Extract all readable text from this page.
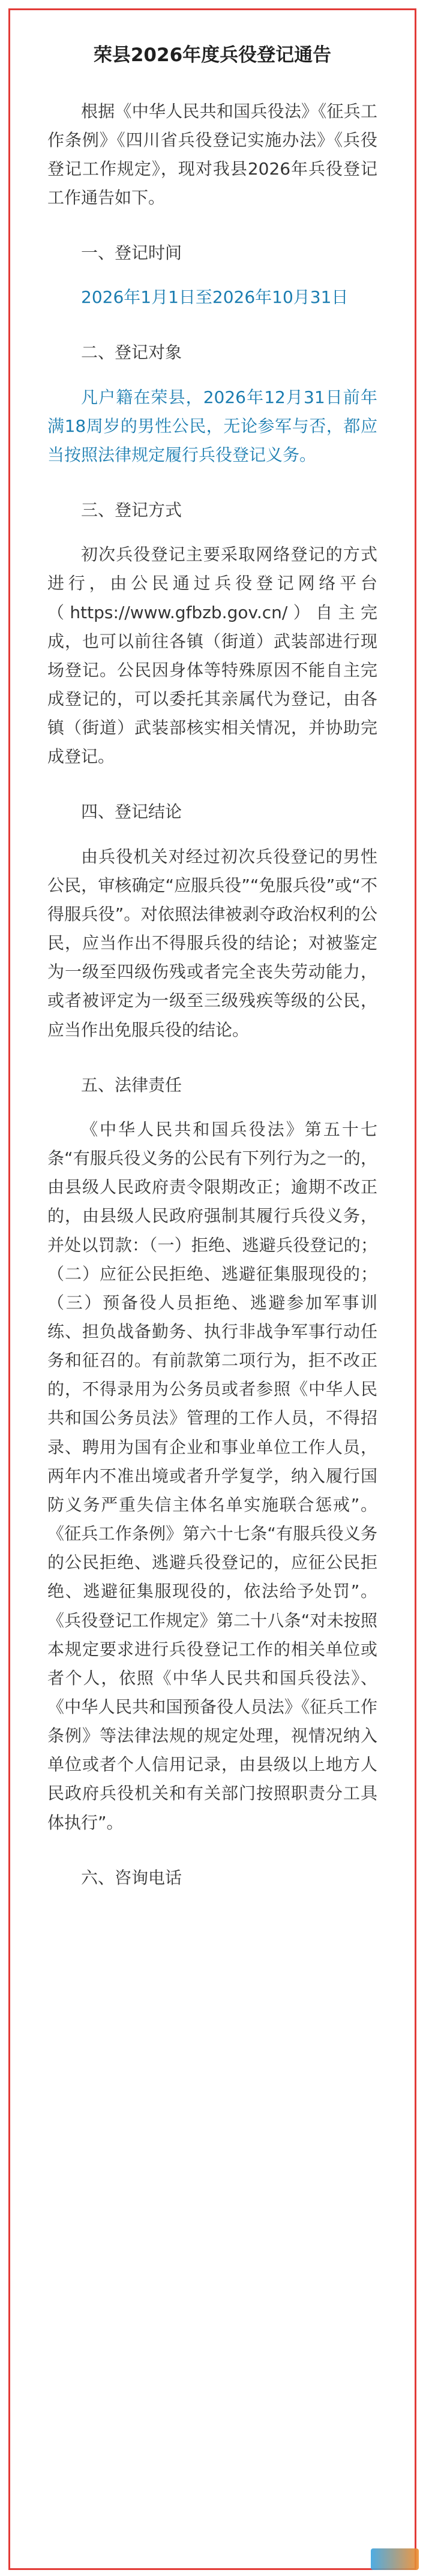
荣县2026年度兵役登记通告

根据《中华人民共和国兵役法》《征兵工作条例》《四川省兵役登记实施办法》《兵役登记工作规定》，现对我县2026年兵役登记工作通告如下。

一、登记时间

2026年1月1日至2026年10月31日

二、登记对象

凡户籍在荣县，2026年12月31日前年满18周岁的男性公民，无论参军与否，都应当按照法律规定履行兵役登记义务。

三、登记方式

初次兵役登记主要采取网络登记的方式进行，由公民通过兵役登记网络平台（https://www.gfbzb.gov.cn/）自主完成，也可以前往各镇（街道）武装部进行现场登记。公民因身体等特殊原因不能自主完成登记的，可以委托其亲属代为登记，由各镇（街道）武装部核实相关情况，并协助完成登记。

四、登记结论

由兵役机关对经过初次兵役登记的男性公民，审核确定“应服兵役”“免服兵役”或“不得服兵役”。对依照法律被剥夺政治权利的公民，应当作出不得服兵役的结论；对被鉴定为一级至四级伤残或者完全丧失劳动能力，或者被评定为一级至三级残疾等级的公民，应当作出免服兵役的结论。

五、法律责任

《中华人民共和国兵役法》第五十七条“有服兵役义务的公民有下列行为之一的，由县级人民政府责令限期改正；逾期不改正的，由县级人民政府强制其履行兵役义务，并处以罚款：（一）拒绝、逃避兵役登记的；（二）应征公民拒绝、逃避征集服现役的；（三）预备役人员拒绝、逃避参加军事训练、担负战备勤务、执行非战争军事行动任务和征召的。有前款第二项行为，拒不改正的，不得录用为公务员或者参照《中华人民共和国公务员法》管理的工作人员，不得招录、聘用为国有企业和事业单位工作人员，两年内不准出境或者升学复学，纳入履行国防义务严重失信主体名单实施联合惩戒”。《征兵工作条例》第六十七条“有服兵役义务的公民拒绝、逃避兵役登记的，应征公民拒绝、逃避征集服现役的，依法给予处罚”。《兵役登记工作规定》第二十八条“对未按照本规定要求进行兵役登记工作的相关单位或者个人，依照《中华人民共和国兵役法》、《中华人民共和国预备役人员法》《征兵工作条例》等法律法规的规定处理，视情况纳入单位或者个人信用记录，由县级以上地方人民政府兵役机关和有关部门按照职责分工具体执行”。

六、咨询电话
